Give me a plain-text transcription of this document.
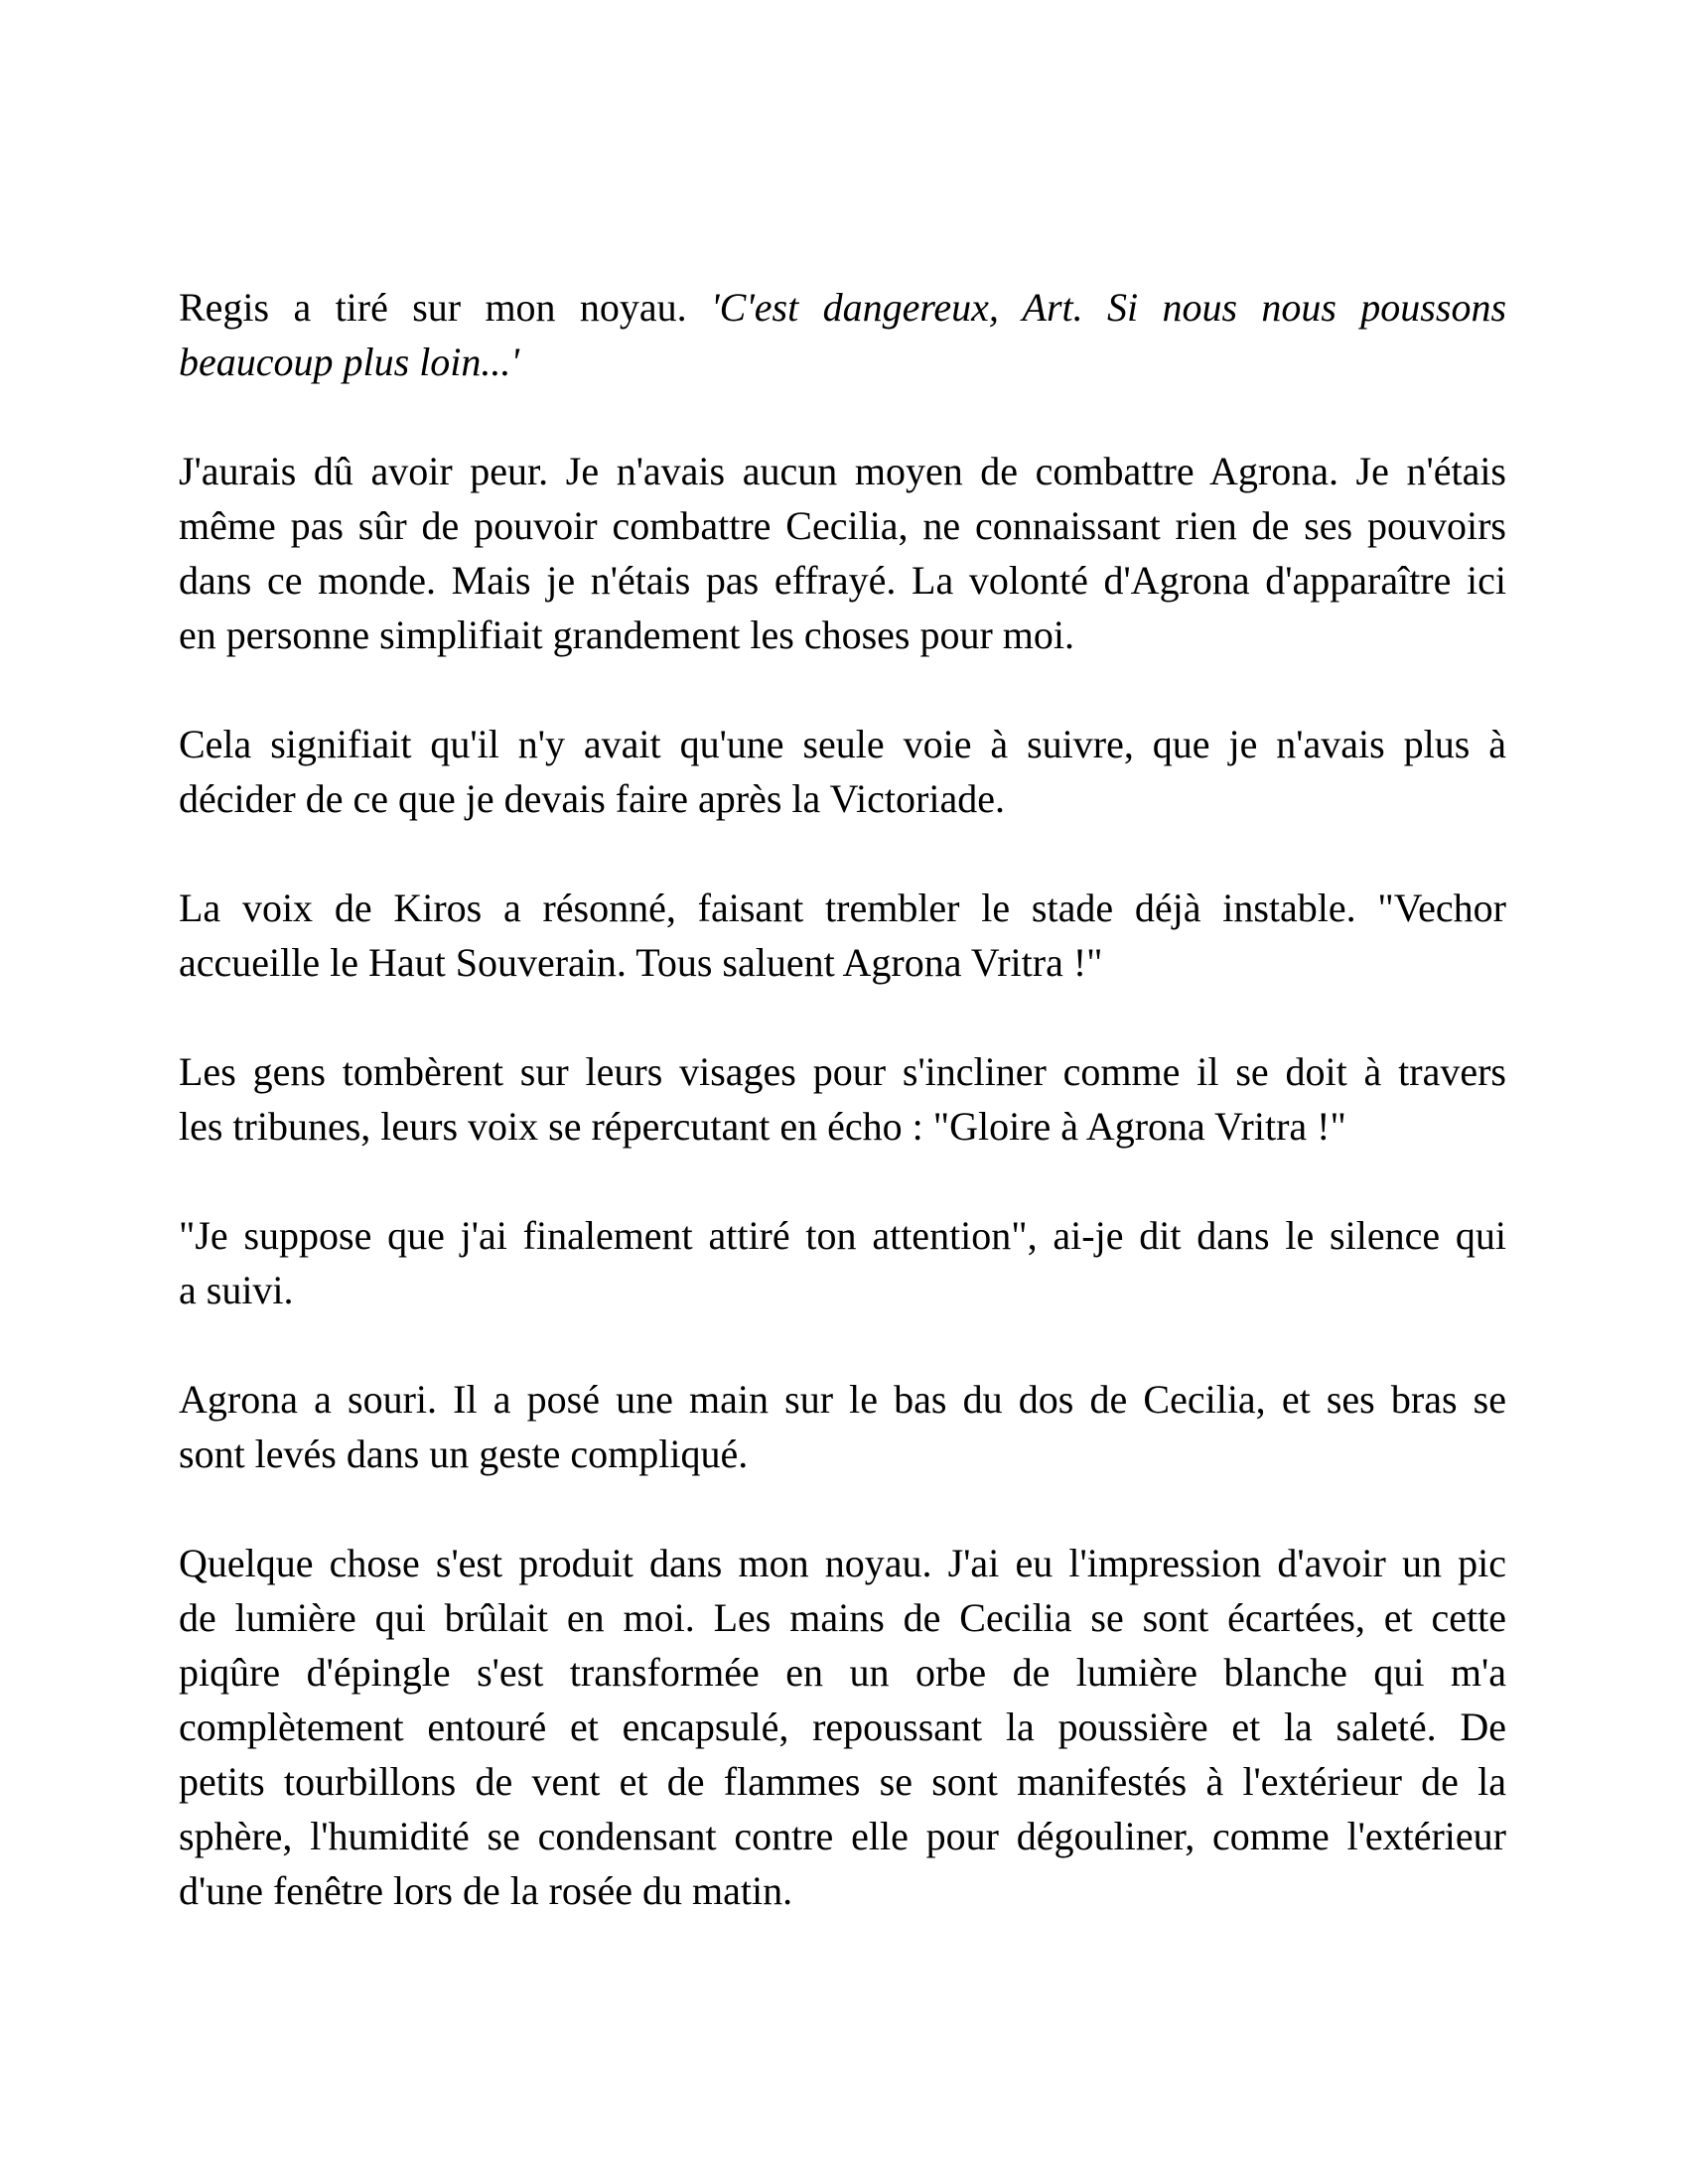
Regis a tiré sur mon noyau. 'C'est dangereux, Art. Si nous nous poussons
beaucoup plus loin...'
J'aurais dû avoir peur. Je n'avais aucun moyen de combattre Agrona. Je n'étais
même pas sûr de pouvoir combattre Cecilia, ne connaissant rien de ses pouvoirs
dans ce monde. Mais je n'étais pas effrayé. La volonté d'Agrona d'apparaître ici
en personne simplifiait grandement les choses pour moi.
Cela signifiait qu'il n'y avait qu'une seule voie à suivre, que je n'avais plus à
décider de ce que je devais faire après la Victoriade.
La voix de Kiros a résonné, faisant trembler le stade déjà instable. "Vechor
accueille le Haut Souverain. Tous saluent Agrona Vritra !"
Les gens tombèrent sur leurs visages pour s'incliner comme il se doit à travers
les tribunes, leurs voix se répercutant en écho : "Gloire à Agrona Vritra !"
"Je suppose que j'ai finalement attiré ton attention", ai-je dit dans le silence qui
a suivi.
Agrona a souri. Il a posé une main sur le bas du dos de Cecilia, et ses bras se
sont levés dans un geste compliqué.
Quelque chose s'est produit dans mon noyau. J'ai eu l'impression d'avoir un pic
de lumière qui brûlait en moi. Les mains de Cecilia se sont écartées, et cette
piqûre d'épingle s'est transformée en un orbe de lumière blanche qui m'a
complètement entouré et encapsulé, repoussant la poussière et la saleté. De
petits tourbillons de vent et de flammes se sont manifestés à l'extérieur de la
sphère, l'humidité se condensant contre elle pour dégouliner, comme l'extérieur
d'une fenêtre lors de la rosée du matin.
